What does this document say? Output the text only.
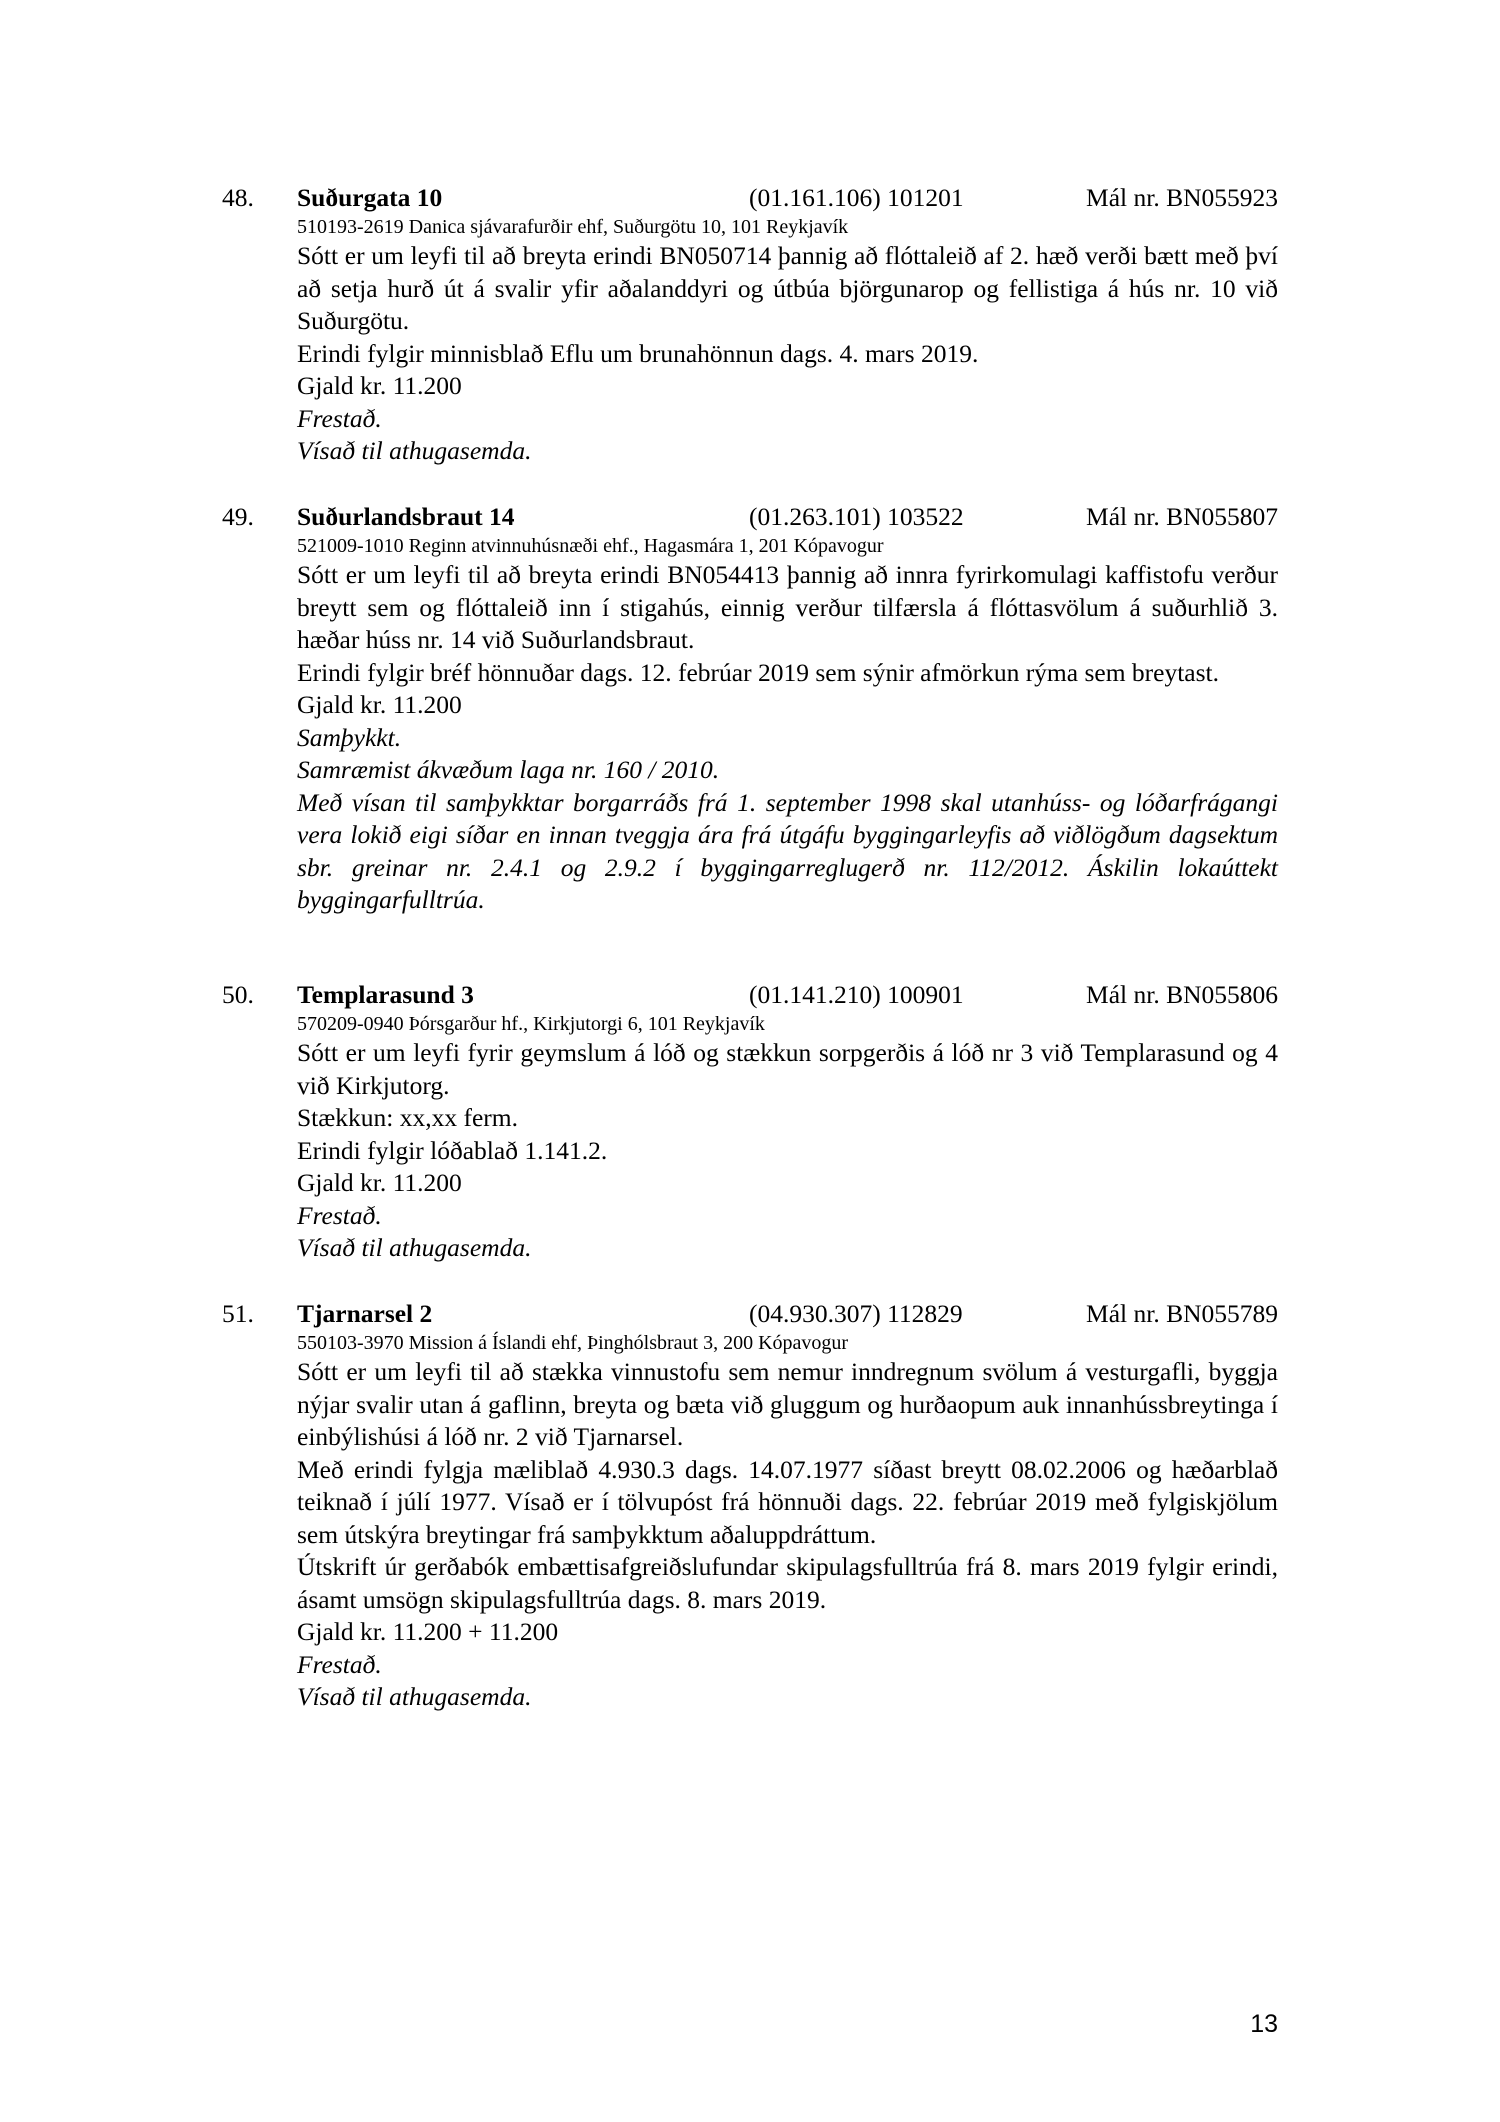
48. Suðurgata 10	(01.161.106) 101201	Mál nr. BN055923
510193-2619 Danica sjávarafurðir ehf, Suðurgötu 10, 101 Reykjavík
Sótt er um leyfi til að breyta erindi BN050714 þannig að flóttaleið af 2. hæð verði bætt með því að setja hurð út á svalir yfir aðalanddyri og útbúa björgunarop og fellistiga á hús nr. 10 við Suðurgötu.
Erindi fylgir minnisblað Eflu um brunahönnun dags. 4. mars 2019.
Gjald kr. 11.200
Frestað.
Vísað til athugasemda.
49. Suðurlandsbraut 14	(01.263.101) 103522	Mál nr. BN055807
521009-1010 Reginn atvinnuhúsnæði ehf., Hagasmára 1, 201 Kópavogur
Sótt er um leyfi til að breyta erindi BN054413 þannig að innra fyrirkomulagi kaffistofu verður breytt sem og flóttaleið inn í stigahús, einnig verður tilfærsla á flóttasvölum á suðurhlið 3. hæðar húss nr. 14 við Suðurlandsbraut.
Erindi fylgir bréf hönnuðar dags. 12. febrúar 2019 sem sýnir afmörkun rýma sem breytast.
Gjald kr. 11.200
Samþykkt.
Samræmist ákvæðum laga nr. 160 / 2010.
Með vísan til samþykktar borgarráðs frá 1. september 1998 skal utanhúss- og lóðarfrágangi vera lokið eigi síðar en innan tveggja ára frá útgáfu byggingarleyfis að viðlögðum dagsektum sbr. greinar nr. 2.4.1 og 2.9.2 í byggingarreglugerð nr. 112/2012. Áskilin lokaúttekt byggingarfulltrúa.
50. Templarasund 3	(01.141.210) 100901	Mál nr. BN055806
570209-0940 Þórsgarður hf., Kirkjutorgi 6, 101 Reykjavík
Sótt er um leyfi fyrir geymslum á lóð og stækkun sorpgerðis á lóð nr 3 við Templarasund og 4 við Kirkjutorg.
Stækkun: xx,xx ferm.
Erindi fylgir lóðablað 1.141.2.
Gjald kr. 11.200
Frestað.
Vísað til athugasemda.
51. Tjarnarsel 2	(04.930.307) 112829	Mál nr. BN055789
550103-3970 Mission á Íslandi ehf, Þinghólsbraut 3, 200 Kópavogur
Sótt er um leyfi til að stækka vinnustofu sem nemur inndregnum svölum á vesturgafli, byggja nýjar svalir utan á gaflinn, breyta og bæta við gluggum og hurðaopum auk innanhússbreytinga í einbýlishúsi á lóð nr. 2 við Tjarnarsel.
Með erindi fylgja mæliblað 4.930.3 dags. 14.07.1977 síðast breytt 08.02.2006 og hæðarblað teiknað í júlí 1977. Vísað er í tölvupóst frá hönnuði dags. 22. febrúar 2019 með fylgiskjölum sem útskýra breytingar frá samþykktum aðaluppdráttum.
Útskrift úr gerðabók embættisafgreiðslufundar skipulagsfulltrúa frá 8. mars 2019 fylgir erindi, ásamt umsögn skipulagsfulltrúa dags. 8. mars 2019.
Gjald kr. 11.200 + 11.200
Frestað.
Vísað til athugasemda.
13
